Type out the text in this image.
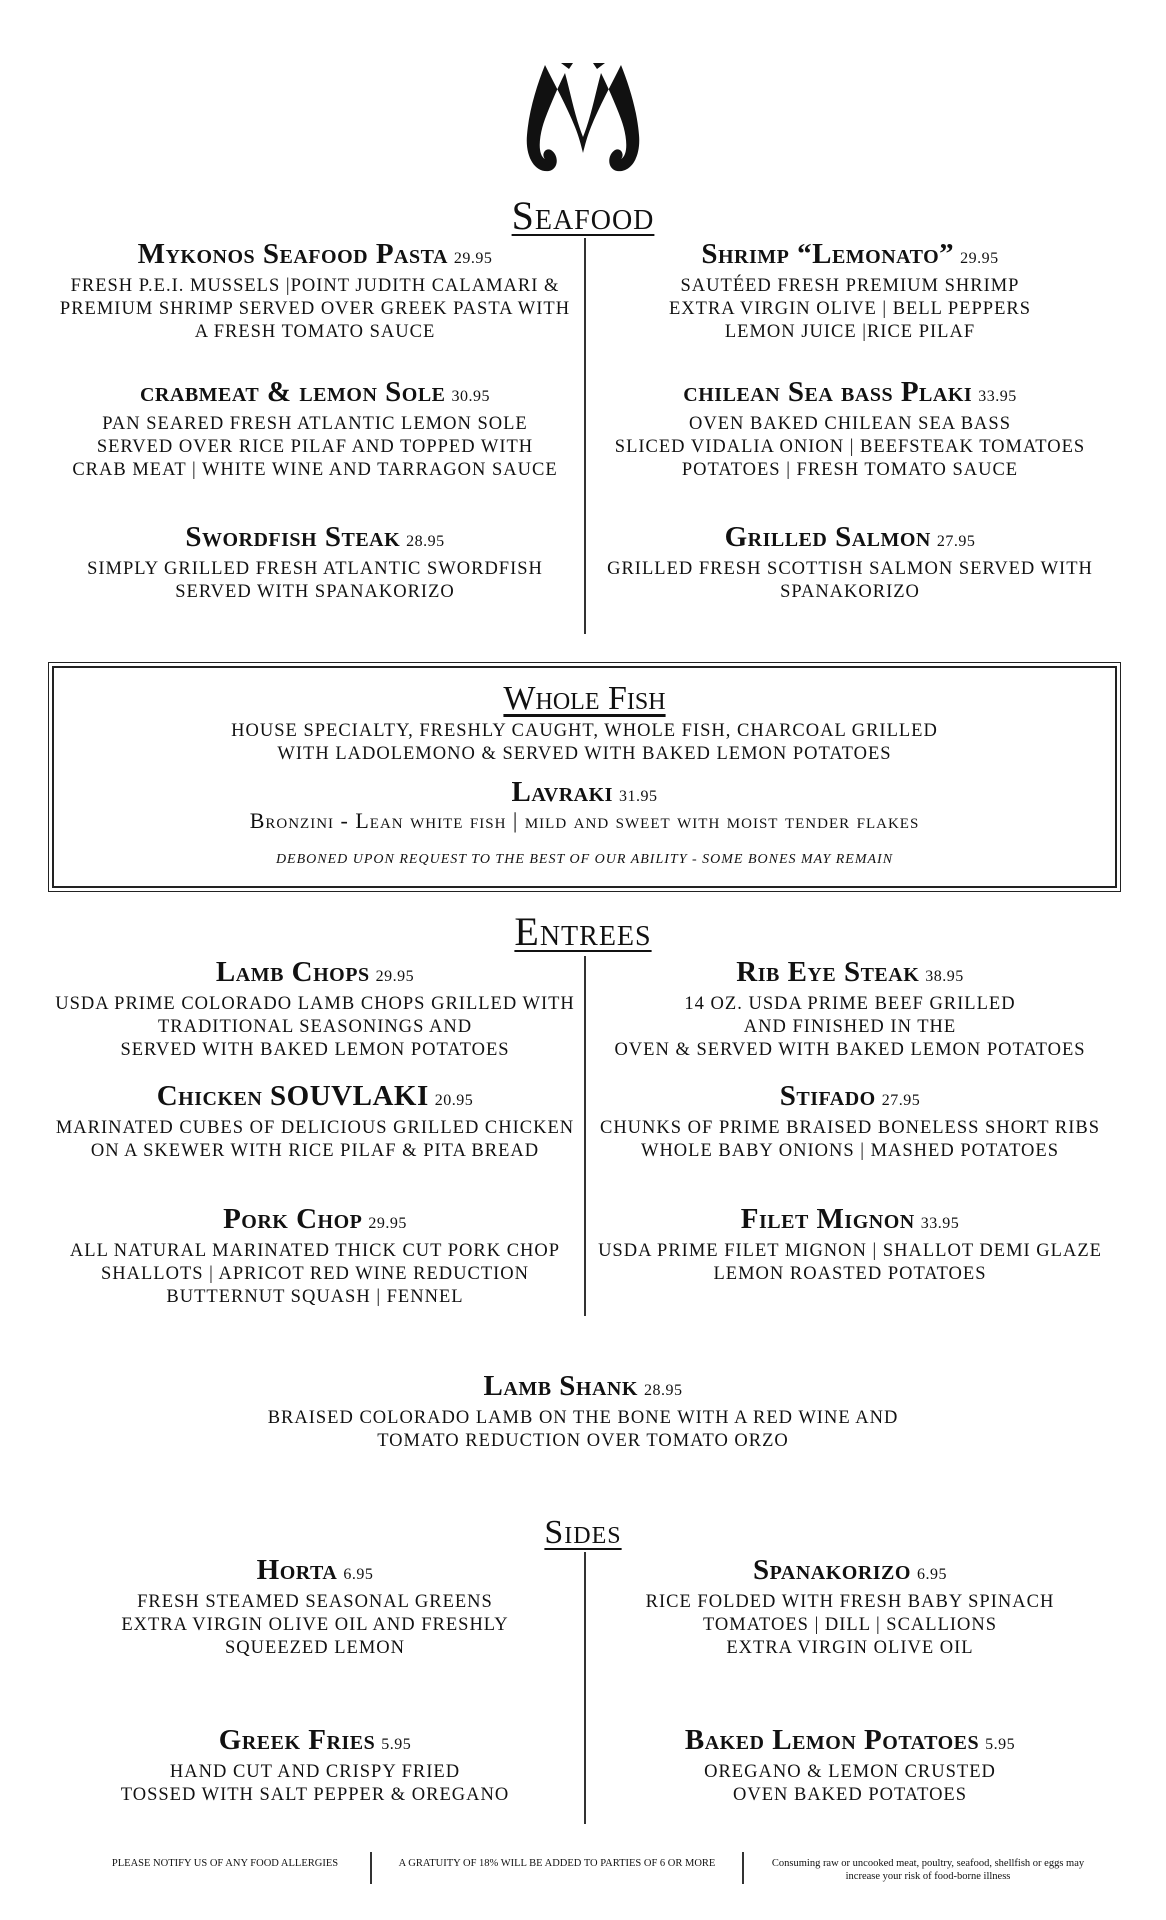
Seafood
Mykonos Seafood Pasta 29.95
FRESH P.E.I. MUSSELS |POINT JUDITH CALAMARI &
PREMIUM SHRIMP SERVED OVER GREEK PASTA WITH
A FRESH TOMATO SAUCE
Shrimp “Lemonato” 29.95
SAUTÉED FRESH PREMIUM SHRIMP
EXTRA VIRGIN OLIVE | BELL PEPPERS
LEMON JUICE |RICE PILAF
crabmeat & lemon Sole 30.95
PAN SEARED FRESH ATLANTIC LEMON SOLE
SERVED OVER RICE PILAF AND TOPPED WITH
CRAB MEAT | WHITE WINE AND TARRAGON SAUCE
chilean Sea bass Plaki 33.95
OVEN BAKED CHILEAN SEA BASS
SLICED VIDALIA ONION | BEEFSTEAK TOMATOES
POTATOES | FRESH TOMATO SAUCE
Swordfish Steak 28.95
SIMPLY GRILLED FRESH ATLANTIC SWORDFISH
SERVED WITH SPANAKORIZO
Grilled Salmon 27.95
GRILLED FRESH SCOTTISH SALMON SERVED WITH
SPANAKORIZO
Whole Fish
HOUSE SPECIALTY, FRESHLY CAUGHT, WHOLE FISH, CHARCOAL GRILLED
WITH LADOLEMONO & SERVED WITH BAKED LEMON POTATOES
Lavraki 31.95
Bronzini - Lean white fish | mild and sweet with moist tender flakes
DEBONED UPON REQUEST TO THE BEST OF OUR ABILITY - SOME BONES MAY REMAIN
Entrees
Lamb Chops 29.95
USDA PRIME COLORADO LAMB CHOPS GRILLED WITH
TRADITIONAL SEASONINGS AND
SERVED WITH BAKED LEMON POTATOES
Rib Eye Steak 38.95
14 OZ. USDA PRIME BEEF GRILLED
AND FINISHED IN THE
OVEN & SERVED WITH BAKED LEMON POTATOES
Chicken SOUVLAKI 20.95
MARINATED CUBES OF DELICIOUS GRILLED CHICKEN
ON A SKEWER WITH RICE PILAF & PITA BREAD
Stifado 27.95
CHUNKS OF PRIME BRAISED BONELESS SHORT RIBS
WHOLE BABY ONIONS | MASHED POTATOES
Pork Chop 29.95
ALL NATURAL MARINATED THICK CUT PORK CHOP
SHALLOTS | APRICOT RED WINE REDUCTION
BUTTERNUT SQUASH | FENNEL
Filet Mignon 33.95
USDA PRIME FILET MIGNON | SHALLOT DEMI GLAZE
LEMON ROASTED POTATOES
Lamb Shank 28.95
BRAISED COLORADO LAMB ON THE BONE WITH A RED WINE AND
TOMATO REDUCTION OVER TOMATO ORZO
Sides
Horta 6.95
FRESH STEAMED SEASONAL GREENS
EXTRA VIRGIN OLIVE OIL AND FRESHLY
SQUEEZED LEMON
Spanakorizo 6.95
RICE FOLDED WITH FRESH BABY SPINACH
TOMATOES | DILL | SCALLIONS
EXTRA VIRGIN OLIVE OIL
Greek Fries 5.95
HAND CUT AND CRISPY FRIED
TOSSED WITH SALT PEPPER & OREGANO
Baked Lemon Potatoes 5.95
OREGANO & LEMON CRUSTED
OVEN BAKED POTATOES
PLEASE NOTIFY US OF ANY FOOD ALLERGIES	A GRATUITY OF 18% WILL BE ADDED TO PARTIES OF 6 OR MORE	Consuming raw or uncooked meat, poultry, seafood, shellfish or eggs may
increase your risk of food-borne illness
